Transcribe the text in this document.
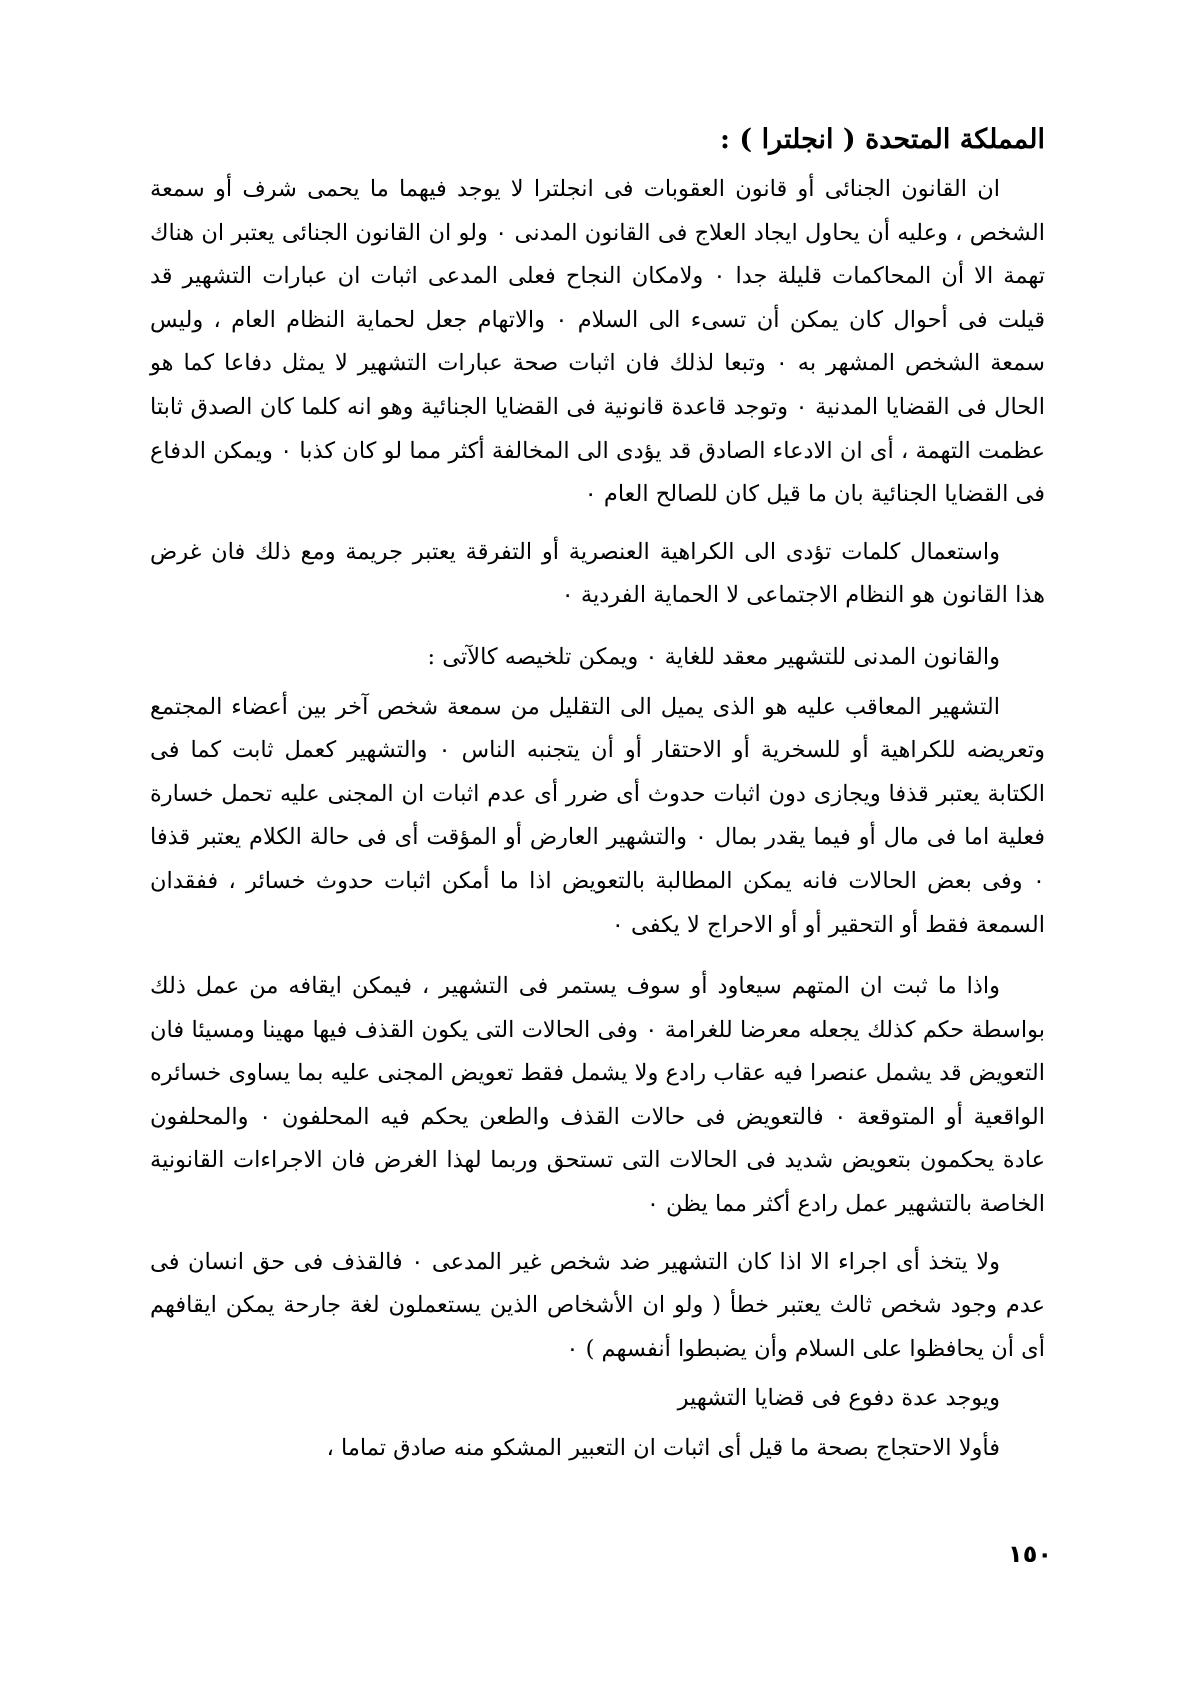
المملكة المتحدة ( انجلترا ) :

ان القانون الجنائى أو قانون العقوبات فى انجلترا لا يوجد فيهما ما يحمى شرف أو سمعة الشخص ، وعليه أن يحاول ايجاد العلاج فى القانون المدنى ٠ ولو ان القانون الجنائى يعتبر ان هناك تهمة الا أن المحاكمات قليلة جدا ٠ ولامكان النجاح فعلى المدعى اثبات ان عبارات التشهير قد قيلت فى أحوال كان يمكن أن تسىء الى السلام ٠ والاتهام جعل لحماية النظام العام ، وليس سمعة الشخص المشهر به ٠ وتبعا لذلك فان اثبات صحة عبارات التشهير لا يمثل دفاعا كما هو الحال فى القضايا المدنية ٠ وتوجد قاعدة قانونية فى القضايا الجنائية وهو انه كلما كان الصدق ثابتا عظمت التهمة ، أى ان الادعاء الصادق قد يؤدى الى المخالفة أكثر مما لو كان كذبا ٠ ويمكن الدفاع فى القضايا الجنائية بان ما قيل كان للصالح العام ٠

واستعمال كلمات تؤدى الى الكراهية العنصرية أو التفرقة يعتبر جريمة ومع ذلك فان غرض هذا القانون هو النظام الاجتماعى لا الحماية الفردية ٠

والقانون المدنى للتشهير معقد للغاية ٠ ويمكن تلخيصه كالآتى :

التشهير المعاقب عليه هو الذى يميل الى التقليل من سمعة شخص آخر بين أعضاء المجتمع وتعريضه للكراهية أو للسخرية أو الاحتقار أو أن يتجنبه الناس ٠ والتشهير كعمل ثابت كما فى الكتابة يعتبر قذفا ويجازى دون اثبات حدوث أى ضرر أى عدم اثبات ان المجنى عليه تحمل خسارة فعلية اما فى مال أو فيما يقدر بمال ٠ والتشهير العارض أو المؤقت أى فى حالة الكلام يعتبر قذفا ٠ وفى بعض الحالات فانه يمكن المطالبة بالتعويض اذا ما أمكن اثبات حدوث خسائر ، ففقدان السمعة فقط أو التحقير أو أو الاحراج لا يكفى ٠

واذا ما ثبت ان المتهم سيعاود أو سوف يستمر فى التشهير ، فيمكن ايقافه من عمل ذلك بواسطة حكم كذلك يجعله معرضا للغرامة ٠ وفى الحالات التى يكون القذف فيها مهينا ومسيئا فان التعويض قد يشمل عنصرا فيه عقاب رادع ولا يشمل فقط تعويض المجنى عليه بما يساوى خسائره الواقعية أو المتوقعة ٠ فالتعويض فى حالات القذف والطعن يحكم فيه المحلفون ٠ والمحلفون عادة يحكمون بتعويض شديد فى الحالات التى تستحق وربما لهذا الغرض فان الاجراءات القانونية الخاصة بالتشهير عمل رادع أكثر مما يظن ٠

ولا يتخذ أى اجراء الا اذا كان التشهير ضد شخص غير المدعى ٠ فالقذف فى حق انسان فى عدم وجود شخص ثالث يعتبر خطأ ( ولو ان الأشخاص الذين يستعملون لغة جارحة يمكن ايقافهم أى أن يحافظوا على السلام وأن يضبطوا أنفسهم ) ٠

ويوجد عدة دفوع فى قضايا التشهير

فأولا الاحتجاج بصحة ما قيل أى اثبات ان التعبير المشكو منه صادق تماما ،

١٥٠
